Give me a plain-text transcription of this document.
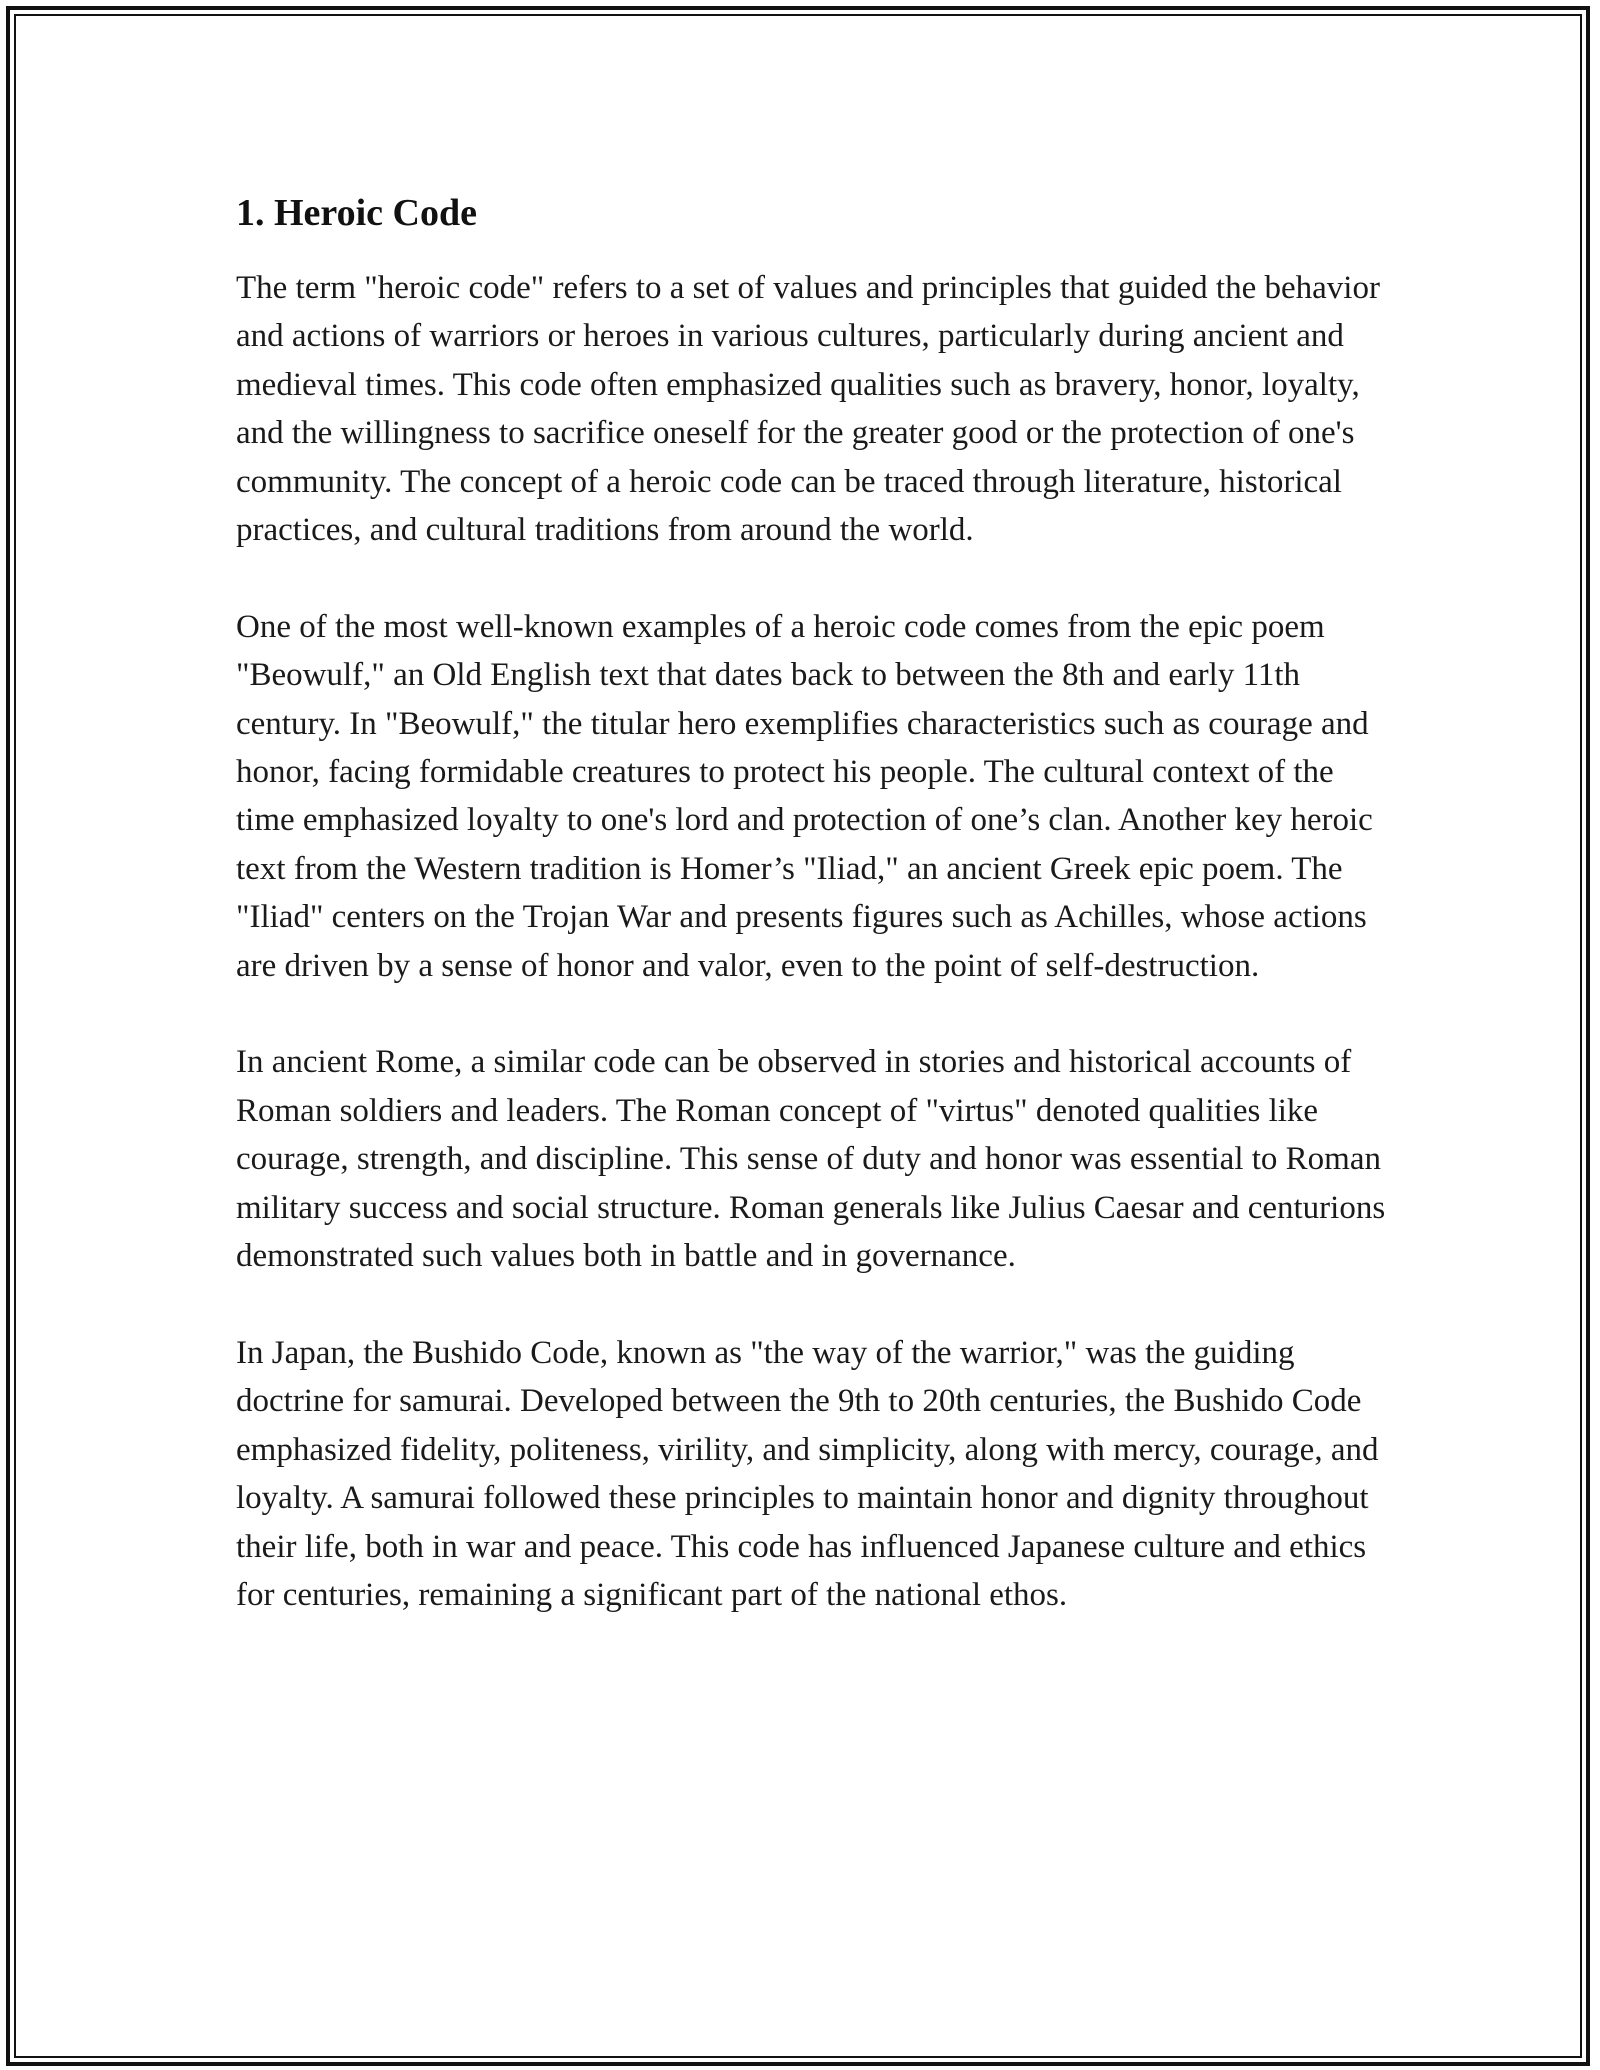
1. Heroic Code

The term "heroic code" refers to a set of values and principles that guided the behavior and actions of warriors or heroes in various cultures, particularly during ancient and medieval times. This code often emphasized qualities such as bravery, honor, loyalty, and the willingness to sacrifice oneself for the greater good or the protection of one's community. The concept of a heroic code can be traced through literature, historical practices, and cultural traditions from around the world.

One of the most well-known examples of a heroic code comes from the epic poem "Beowulf," an Old English text that dates back to between the 8th and early 11th century. In "Beowulf," the titular hero exemplifies characteristics such as courage and honor, facing formidable creatures to protect his people. The cultural context of the time emphasized loyalty to one's lord and protection of one’s clan. Another key heroic text from the Western tradition is Homer’s "Iliad," an ancient Greek epic poem. The "Iliad" centers on the Trojan War and presents figures such as Achilles, whose actions are driven by a sense of honor and valor, even to the point of self-destruction.

In ancient Rome, a similar code can be observed in stories and historical accounts of Roman soldiers and leaders. The Roman concept of "virtus" denoted qualities like courage, strength, and discipline. This sense of duty and honor was essential to Roman military success and social structure. Roman generals like Julius Caesar and centurions demonstrated such values both in battle and in governance.

In Japan, the Bushido Code, known as "the way of the warrior," was the guiding doctrine for samurai. Developed between the 9th to 20th centuries, the Bushido Code emphasized fidelity, politeness, virility, and simplicity, along with mercy, courage, and loyalty. A samurai followed these principles to maintain honor and dignity throughout their life, both in war and peace. This code has influenced Japanese culture and ethics for centuries, remaining a significant part of the national ethos.
